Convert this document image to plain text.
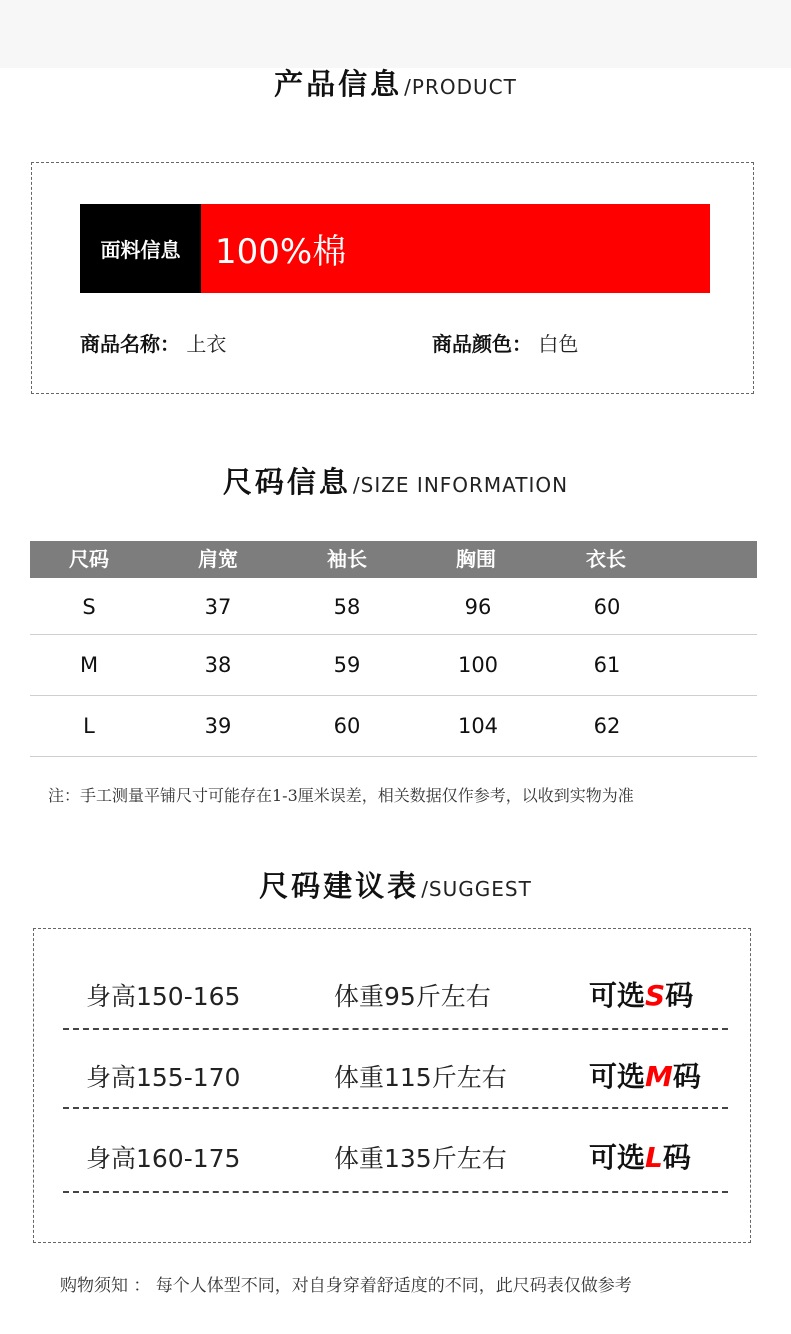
产品信息 /PRODUCT
面料信息	100%棉
商品名称： 上衣	商品颜色： 白色
尺码信息 /SIZE INFORMATION
尺码	肩宽	袖长	胸围	衣长
S	37	58	96	60
M	38	59	100	61
L	39	60	104	62
注：手工测量平铺尺寸可能存在1-3厘米误差，相关数据仅作参考，以收到实物为准
尺码建议表 /SUGGEST
身高150-165	体重95斤左右	可选S码
身高155-170	体重115斤左右	可选M码
身高160-175	体重135斤左右	可选L码
购物须知 ： 每个人体型不同，对自身穿着舒适度的不同，此尺码表仅做参考
